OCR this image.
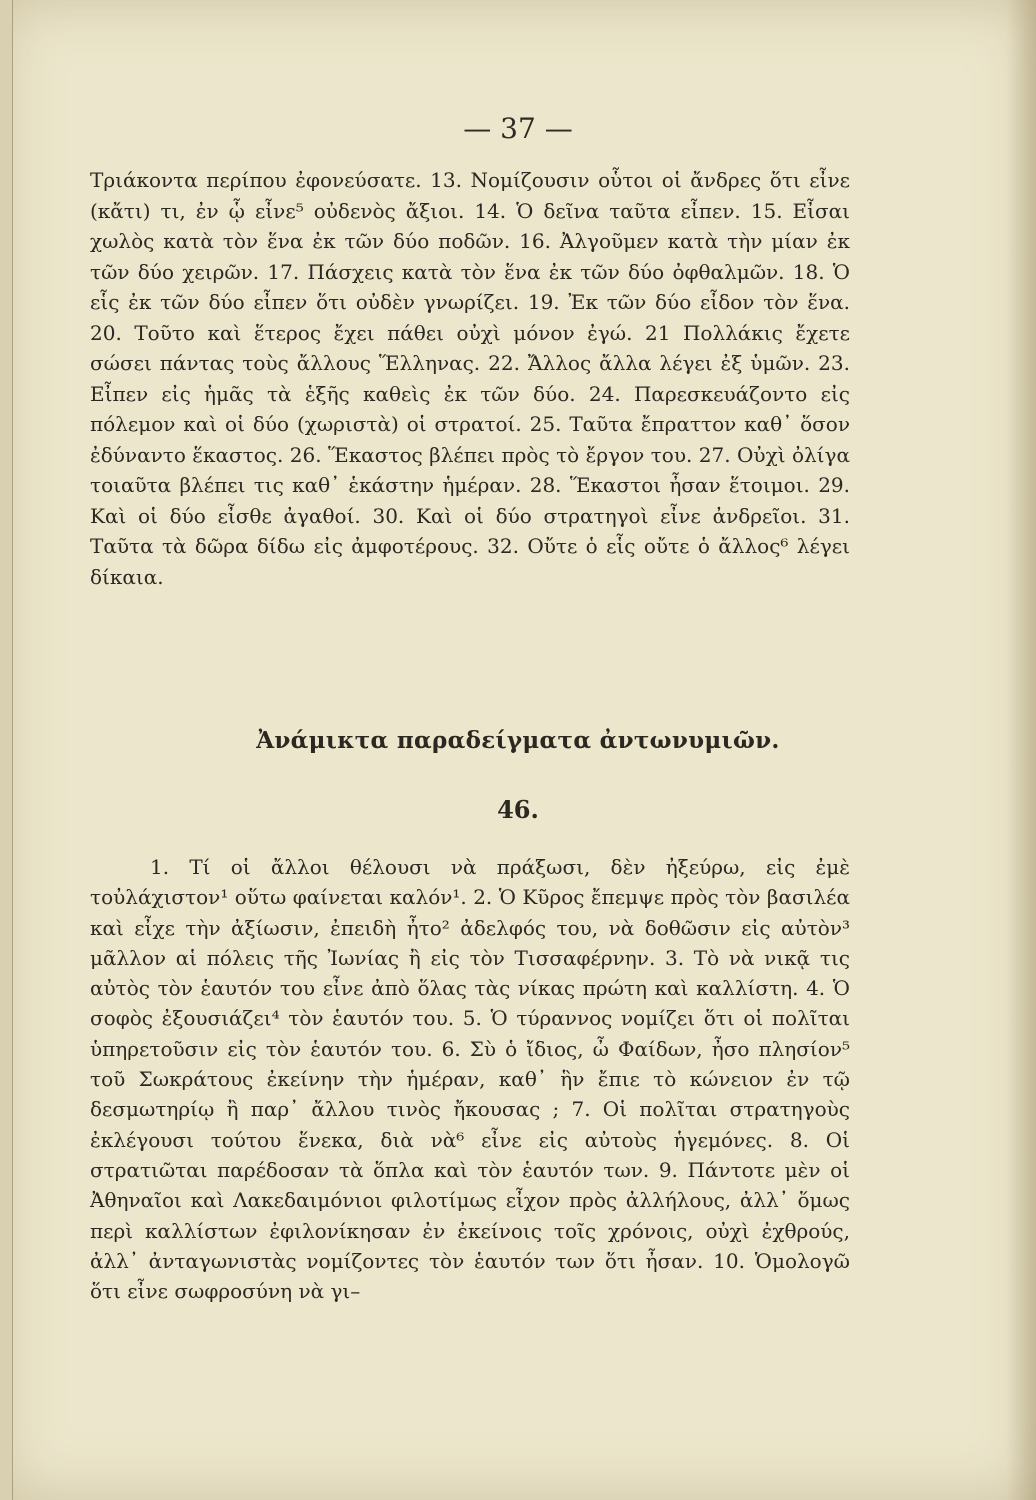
— 37 —
Τριάκοντα περίπου ἐφονεύσατε. 13. Νομίζουσιν οὗτοι οἱ ἄνδρες ὅτι εἶνε (κἄτι) τι, ἐν ᾧ εἶνε⁵ οὐδενὸς ἄξιοι. 14. Ὁ δεῖνα ταῦτα εἶπεν. 15. Εἶσαι χωλὸς κατὰ τὸν ἕνα ἐκ τῶν δύο ποδῶν. 16. Ἀλγοῦμεν κατὰ τὴν μίαν ἐκ τῶν δύο χειρῶν. 17. Πάσχεις κατὰ τὸν ἕνα ἐκ τῶν δύο ὀφθαλμῶν. 18. Ὁ εἷς ἐκ τῶν δύο εἶπεν ὅτι οὐδὲν γνωρίζει. 19. Ἐκ τῶν δύο εἶδον τὸν ἕνα. 20. Τοῦτο καὶ ἕτερος ἔχει πάθει οὐχὶ μόνον ἐγώ. 21 Πολλάκις ἔχετε σώσει πάντας τοὺς ἄλλους Ἕλληνας. 22. Ἄλλος ἄλλα λέγει ἐξ ὑμῶν. 23. Εἶπεν εἰς ἡμᾶς τὰ ἑξῆς καθεὶς ἐκ τῶν δύο. 24. Παρεσκευάζοντο εἰς πόλεμον καὶ οἱ δύο (χωριστὰ) οἱ στρατοί. 25. Ταῦτα ἔπραττον καθ᾽ ὅσον ἐδύναντο ἕκαστος. 26. Ἕκαστος βλέπει πρὸς τὸ ἔργον του. 27. Οὐχὶ ὀλίγα τοιαῦτα βλέπει τις καθ᾽ ἑκάστην ἡμέραν. 28. Ἕκαστοι ἦσαν ἕτοιμοι. 29. Καὶ οἱ δύο εἶσθε ἀγαθοί. 30. Καὶ οἱ δύο στρατηγοὶ εἶνε ἀνδρεῖοι. 31. Ταῦτα τὰ δῶρα δίδω εἰς ἀμφοτέρους. 32. Οὔτε ὁ εἷς οὔτε ὁ ἄλλος⁶ λέγει δίκαια.
Ἀνάμικτα παραδείγματα ἀντωνυμιῶν.
46.
1. Τί οἱ ἄλλοι θέλουσι νὰ πράξωσι, δὲν ἠξεύρω, εἰς ἐμὲ τοὐλάχιστον¹ οὕτω φαίνεται καλόν¹. 2. Ὁ Κῦρος ἔπεμψε πρὸς τὸν βασιλέα καὶ εἶχε τὴν ἀξίωσιν, ἐπειδὴ ἦτο² ἀδελφός του, νὰ δοθῶσιν εἰς αὐτὸν³ μᾶλλον αἱ πόλεις τῆς Ἰωνίας ἢ εἰς τὸν Τισσαφέρνην. 3. Τὸ νὰ νικᾷ τις αὐτὸς τὸν ἑαυτόν του εἶνε ἀπὸ ὅλας τὰς νίκας πρώτη καὶ καλλίστη. 4. Ὁ σοφὸς ἐξουσιάζει⁴ τὸν ἑαυτόν του. 5. Ὁ τύραννος νομίζει ὅτι οἱ πολῖται ὑπηρετοῦσιν εἰς τὸν ἑαυτόν του. 6. Σὺ ὁ ἴδιος, ὦ Φαίδων, ἦσο πλησίον⁵ τοῦ Σωκράτους ἐκείνην τὴν ἡμέραν, καθ᾽ ἣν ἔπιε τὸ κώνειον ἐν τῷ δεσμωτηρίῳ ἢ παρ᾽ ἄλλου τινὸς ἤκουσας ; 7. Οἱ πολῖται στρατηγοὺς ἐκλέγουσι τούτου ἕνεκα, διὰ νὰ⁶ εἶνε εἰς αὐτοὺς ἡγεμόνες. 8. Οἱ στρατιῶται παρέδοσαν τὰ ὅπλα καὶ τὸν ἑαυτόν των. 9. Πάντοτε μὲν οἱ Ἀθηναῖοι καὶ Λακεδαιμόνιοι φιλοτίμως εἶχον πρὸς ἀλλήλους, ἀλλ᾽ ὅμως περὶ καλλίστων ἐφιλονίκησαν ἐν ἐκείνοις τοῖς χρόνοις, οὐχὶ ἐχθρούς, ἀλλ᾽ ἀνταγωνιστὰς νομίζοντες τὸν ἑαυτόν των ὅτι ἦσαν. 10. Ὁμολογῶ ὅτι εἶνε σωφροσύνη νὰ γι–
